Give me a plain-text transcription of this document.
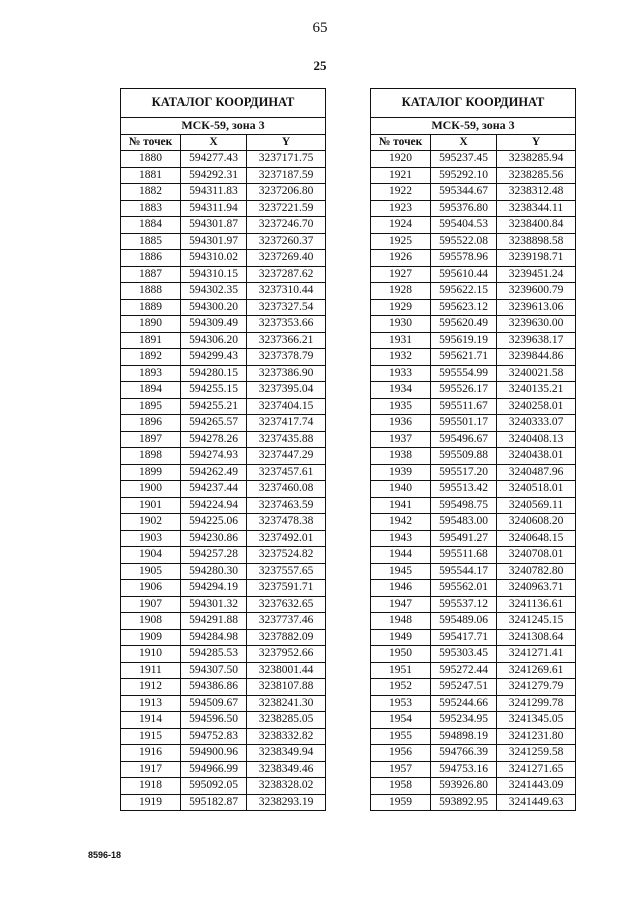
65
25
КАТАЛОГ КООРДИНАТ		
МСК-59, зона 3		
№ точек	X	Y
1880	594277.43	3237171.75
1881	594292.31	3237187.59
1882	594311.83	3237206.80
1883	594311.94	3237221.59
1884	594301.87	3237246.70
1885	594301.97	3237260.37
1886	594310.02	3237269.40
1887	594310.15	3237287.62
1888	594302.35	3237310.44
1889	594300.20	3237327.54
1890	594309.49	3237353.66
1891	594306.20	3237366.21
1892	594299.43	3237378.79
1893	594280.15	3237386.90
1894	594255.15	3237395.04
1895	594255.21	3237404.15
1896	594265.57	3237417.74
1897	594278.26	3237435.88
1898	594274.93	3237447.29
1899	594262.49	3237457.61
1900	594237.44	3237460.08
1901	594224.94	3237463.59
1902	594225.06	3237478.38
1903	594230.86	3237492.01
1904	594257.28	3237524.82
1905	594280.30	3237557.65
1906	594294.19	3237591.71
1907	594301.32	3237632.65
1908	594291.88	3237737.46
1909	594284.98	3237882.09
1910	594285.53	3237952.66
1911	594307.50	3238001.44
1912	594386.86	3238107.88
1913	594509.67	3238241.30
1914	594596.50	3238285.05
1915	594752.83	3238332.82
1916	594900.96	3238349.94
1917	594966.99	3238349.46
1918	595092.05	3238328.02
1919	595182.87	3238293.19
КАТАЛОГ КООРДИНАТ		
МСК-59, зона 3		
№ точек	X	Y
1920	595237.45	3238285.94
1921	595292.10	3238285.56
1922	595344.67	3238312.48
1923	595376.80	3238344.11
1924	595404.53	3238400.84
1925	595522.08	3238898.58
1926	595578.96	3239198.71
1927	595610.44	3239451.24
1928	595622.15	3239600.79
1929	595623.12	3239613.06
1930	595620.49	3239630.00
1931	595619.19	3239638.17
1932	595621.71	3239844.86
1933	595554.99	3240021.58
1934	595526.17	3240135.21
1935	595511.67	3240258.01
1936	595501.17	3240333.07
1937	595496.67	3240408.13
1938	595509.88	3240438.01
1939	595517.20	3240487.96
1940	595513.42	3240518.01
1941	595498.75	3240569.11
1942	595483.00	3240608.20
1943	595491.27	3240648.15
1944	595511.68	3240708.01
1945	595544.17	3240782.80
1946	595562.01	3240963.71
1947	595537.12	3241136.61
1948	595489.06	3241245.15
1949	595417.71	3241308.64
1950	595303.45	3241271.41
1951	595272.44	3241269.61
1952	595247.51	3241279.79
1953	595244.66	3241299.78
1954	595234.95	3241345.05
1955	594898.19	3241231.80
1956	594766.39	3241259.58
1957	594753.16	3241271.65
1958	593926.80	3241443.09
1959	593892.95	3241449.63
8596-18
